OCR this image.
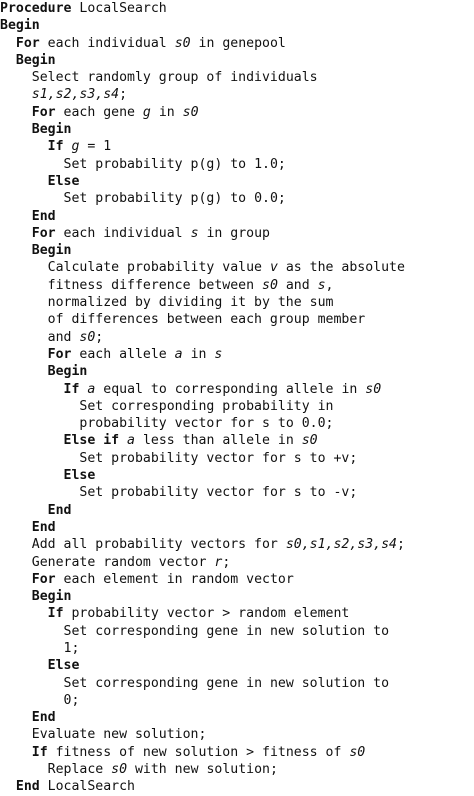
Procedure LocalSearch
Begin
For each individual s0 in genepool
Begin
Select randomly group of individuals
s1,s2,s3,s4;
For each gene g in s0
Begin
If g = 1
Set probability p(g) to 1.0;
Else
Set probability p(g) to 0.0;
End
For each individual s in group
Begin
Calculate probability value v as the absolute
fitness difference between s0 and s,
normalized by dividing it by the sum
of differences between each group member
and s0;
For each allele a in s
Begin
If a equal to corresponding allele in s0
Set corresponding probability in
probability vector for s to 0.0;
Else if a less than allele in s0
Set probability vector for s to +v;
Else
Set probability vector for s to -v;
End
End
Add all probability vectors for s0,s1,s2,s3,s4;
Generate random vector r;
For each element in random vector
Begin
If probability vector > random element
Set corresponding gene in new solution to
1;
Else
Set corresponding gene in new solution to
0;
End
Evaluate new solution;
If fitness of new solution > fitness of s0
Replace s0 with new solution;
End LocalSearch
